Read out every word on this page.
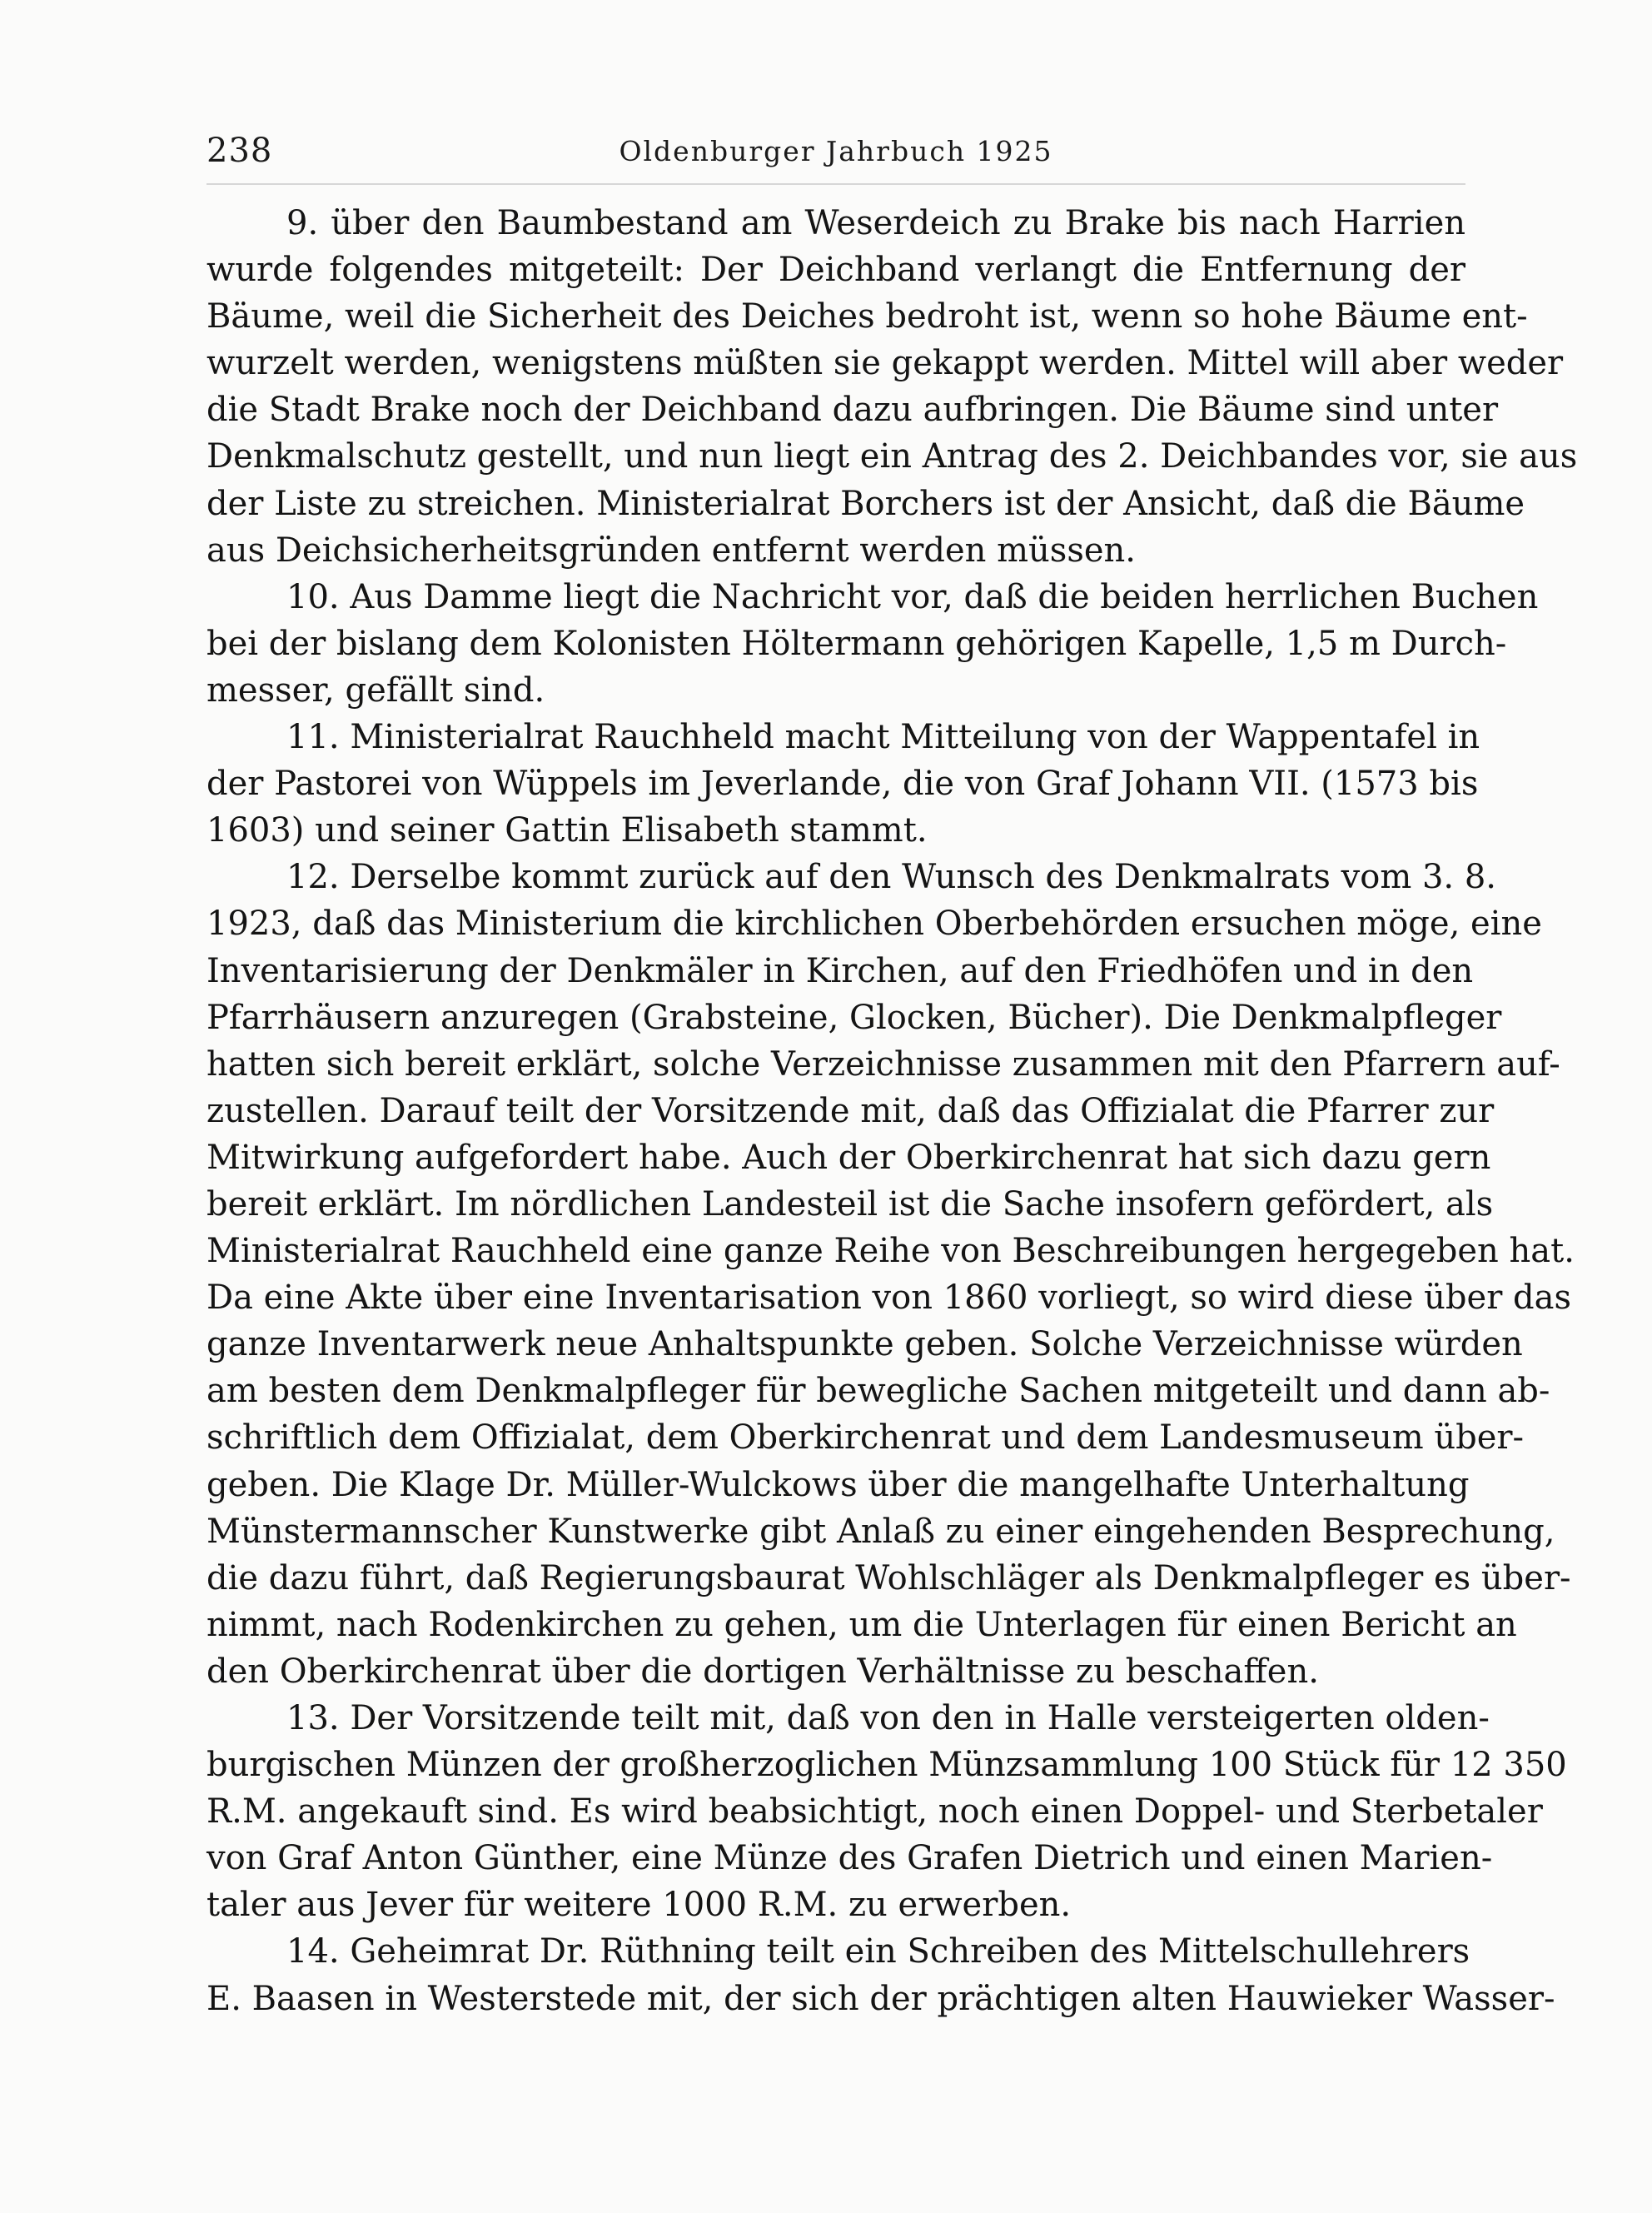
238	Oldenburger Jahrbuch 1925
9. über den Baumbestand am Weserdeich zu Brake bis nach Harrien
wurde folgendes mitgeteilt: Der Deichband verlangt die Entfernung der
Bäume, weil die Sicherheit des Deiches bedroht ist, wenn so hohe Bäume ent-
wurzelt werden, wenigstens müßten sie gekappt werden. Mittel will aber weder
die Stadt Brake noch der Deichband dazu aufbringen. Die Bäume sind unter
Denkmalschutz gestellt, und nun liegt ein Antrag des 2. Deichbandes vor, sie aus
der Liste zu streichen. Ministerialrat Borchers ist der Ansicht, daß die Bäume
aus Deichsicherheitsgründen entfernt werden müssen.
10. Aus Damme liegt die Nachricht vor, daß die beiden herrlichen Buchen
bei der bislang dem Kolonisten Höltermann gehörigen Kapelle, 1,5 m Durch-
messer, gefällt sind.
11. Ministerialrat Rauchheld macht Mitteilung von der Wappentafel in
der Pastorei von Wüppels im Jeverlande, die von Graf Johann VII. (1573 bis
1603) und seiner Gattin Elisabeth stammt.
12. Derselbe kommt zurück auf den Wunsch des Denkmalrats vom 3. 8.
1923, daß das Ministerium die kirchlichen Oberbehörden ersuchen möge, eine
Inventarisierung der Denkmäler in Kirchen, auf den Friedhöfen und in den
Pfarrhäusern anzuregen (Grabsteine, Glocken, Bücher). Die Denkmalpfleger
hatten sich bereit erklärt, solche Verzeichnisse zusammen mit den Pfarrern auf-
zustellen. Darauf teilt der Vorsitzende mit, daß das Offizialat die Pfarrer zur
Mitwirkung aufgefordert habe. Auch der Oberkirchenrat hat sich dazu gern
bereit erklärt. Im nördlichen Landesteil ist die Sache insofern gefördert, als
Ministerialrat Rauchheld eine ganze Reihe von Beschreibungen hergegeben hat.
Da eine Akte über eine Inventarisation von 1860 vorliegt, so wird diese über das
ganze Inventarwerk neue Anhaltspunkte geben. Solche Verzeichnisse würden
am besten dem Denkmalpfleger für bewegliche Sachen mitgeteilt und dann ab-
schriftlich dem Offizialat, dem Oberkirchenrat und dem Landesmuseum über-
geben. Die Klage Dr. Müller-Wulckows über die mangelhafte Unterhaltung
Münstermannscher Kunstwerke gibt Anlaß zu einer eingehenden Besprechung,
die dazu führt, daß Regierungsbaurat Wohlschläger als Denkmalpfleger es über-
nimmt, nach Rodenkirchen zu gehen, um die Unterlagen für einen Bericht an
den Oberkirchenrat über die dortigen Verhältnisse zu beschaffen.
13. Der Vorsitzende teilt mit, daß von den in Halle versteigerten olden-
burgischen Münzen der großherzoglichen Münzsammlung 100 Stück für 12 350
R.M. angekauft sind. Es wird beabsichtigt, noch einen Doppel- und Sterbetaler
von Graf Anton Günther, eine Münze des Grafen Dietrich und einen Marien-
taler aus Jever für weitere 1000 R.M. zu erwerben.
14. Geheimrat Dr. Rüthning teilt ein Schreiben des Mittelschullehrers
E. Baasen in Westerstede mit, der sich der prächtigen alten Hauwieker Wasser-
